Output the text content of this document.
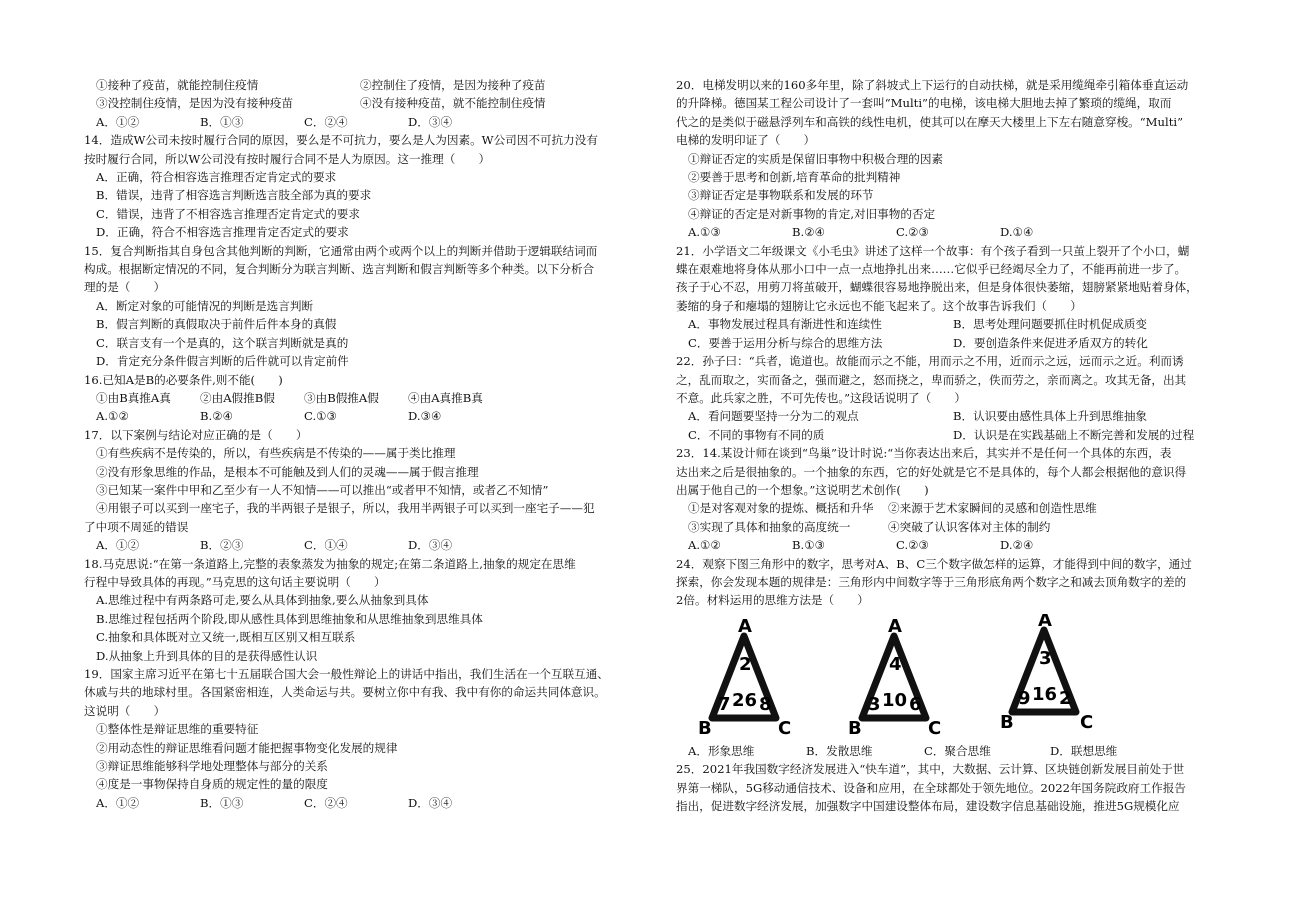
①接种了疫苗，就能控制住疫情	②控制住了疫情，是因为接种了疫苗
③没控制住疫情，是因为没有接种疫苗	④没有接种疫苗，就不能控制住疫情
A．①②	B．①③	C．②④	D．③④

14．造成W公司未按时履行合同的原因，要么是不可抗力，要么是人为因素。W公司因不可抗力没有

按时履行合同，所以W公司没有按时履行合同不是人为原因。这一推理（　　）

A．正确，符合相容选言推理否定肯定式的要求

B．错误，违背了相容选言判断选言肢全部为真的要求

C．错误，违背了不相容选言推理否定肯定式的要求

D．正确，符合不相容选言推理肯定否定式的要求

15．复合判断指其自身包含其他判断的判断，它通常由两个或两个以上的判断并借助于逻辑联结词而

构成。根据断定情况的不同，复合判断分为联言判断、选言判断和假言判断等多个种类。以下分析合

理的是（　　）

A．断定对象的可能情况的判断是选言判断

B．假言判断的真假取决于前件后件本身的真假

C．联言支有一个是真的，这个联言判断就是真的

D．肯定充分条件假言判断的后件就可以肯定前件

16.已知A是B的必要条件,则不能(　　)

①由B真推A真	②由A假推B假	③由B假推A假	④由A真推B真
A.①②	B.②④	C.①③	D.③④

17．以下案例与结论对应正确的是（　　）

①有些疾病不是传染的，所以，有些疾病是不传染的——属于类比推理

②没有形象思维的作品，是根本不可能触及到人们的灵魂——属于假言推理

③已知某一案件中甲和乙至少有一人不知情——可以推出“或者甲不知情，或者乙不知情”

④用银子可以买到一座宅子，我的半两银子是银子，所以，我用半两银子可以买到一座宅子——犯

了中项不周延的错误

A．①②	B．②③	C．①④	D．③④

18.马克思说:“在第一条道路上,完整的表象蒸发为抽象的规定;在第二条道路上,抽象的规定在思维

行程中导致具体的再现。”马克思的这句话主要说明（　　）

A.思维过程中有两条路可走,要么从具体到抽象,要么从抽象到具体

B.思维过程包括两个阶段,即从感性具体到思维抽象和从思维抽象到思维具体

C.抽象和具体既对立又统一,既相互区别又相互联系

D.从抽象上升到具体的目的是获得感性认识

19．国家主席习近平在第七十五届联合国大会一般性辩论上的讲话中指出，我们生活在一个互联互通、

休戚与共的地球村里。各国紧密相连，人类命运与共。要树立你中有我、我中有你的命运共同体意识。

这说明（　　）

①整体性是辩证思维的重要特征

②用动态性的辩证思维看问题才能把握事物变化发展的规律

③辩证思维能够科学地处理整体与部分的关系

④度是一事物保持自身质的规定性的量的限度

A．①②	B．①③	C．②④	D．③④

20．电梯发明以来的160多年里，除了斜坡式上下运行的自动扶梯，就是采用缆绳牵引箱体垂直运动

的升降梯。德国某工程公司设计了一套叫“Multi”的电梯，该电梯大胆地去掉了繁琐的缆绳，取而

代之的是类似于磁悬浮列车和高铁的线性电机，使其可以在摩天大楼里上下左右随意穿梭。“Multi”

电梯的发明印证了（　　）

①辩证否定的实质是保留旧事物中积极合理的因素

②要善于思考和创新,培育革命的批判精神

③辩证否定是事物联系和发展的环节

④辩证的否定是对新事物的肯定,对旧事物的否定

A.①③	B.②④	C.②③	D.①④

21．小学语文二年级课文《小毛虫》讲述了这样一个故事：有个孩子看到一只茧上裂开了个小口，蝴

蝶在艰难地将身体从那小口中一点一点地挣扎出来……它似乎已经竭尽全力了，不能再前进一步了。

孩子于心不忍，用剪刀将茧破开，蝴蝶很容易地挣脱出来，但是身体很快萎缩，翅膀紧紧地贴着身体，

萎缩的身子和瘪塌的翅膀让它永远也不能飞起来了。这个故事告诉我们（　　）

A．事物发展过程具有渐进性和连续性	B．思考处理问题要抓住时机促成质变
C．要善于运用分析与综合的思维方法	D．要创造条件来促进矛盾双方的转化

22．孙子曰：“兵者，诡道也。故能而示之不能，用而示之不用，近而示之远，远而示之近。利而诱

之，乱而取之，实而备之，强而避之，怒而挠之，卑而骄之，佚而劳之，亲而离之。攻其无备，出其

不意。此兵家之胜，不可先传也。”这段话说明了（　　）

A．看问题要坚持一分为二的观点	B．认识要由感性具体上升到思维抽象
C．不同的事物有不同的质	D．认识是在实践基础上不断完善和发展的过程

23．14.某设计师在谈到“鸟巢”设计时说:“当你表达出来后，其实并不是任何一个具体的东西，表

达出来之后是很抽象的。一个抽象的东西，它的好处就是它不是具体的，每个人都会根据他的意识得

出属于他自己的一个想象。”这说明艺术创作(　　)

①是对客观对象的提炼、概括和升华	②来源于艺术家瞬间的灵感和创造性思维
③实现了具体和抽象的高度统一	④突破了认识客体对主体的制约
A.①②	B.①③	C.②③	D.②④

24．观察下图三角形中的数字，思考对A、B、C三个数字做怎样的运算，才能得到中间的数字，通过

探索，你会发现本题的规律是：三角形内中间数字等于三角形底角两个数字之和减去顶角数字的差的

2倍。材料运用的思维方法是（　　）

A
B	C
2
7 26 8
A
B	C
4
3 10 6
A
B	C
3
9 16 2
A．形象思维	B．发散思维	C．聚合思维	D．联想思维

25．2021年我国数字经济发展进入“快车道”，其中，大数据、云计算、区块链创新发展目前处于世

界第一梯队，5G移动通信技术、设备和应用，在全球都处于领先地位。2022年国务院政府工作报告

指出，促进数字经济发展，加强数字中国建设整体布局，建设数字信息基础设施，推进5G规模化应
